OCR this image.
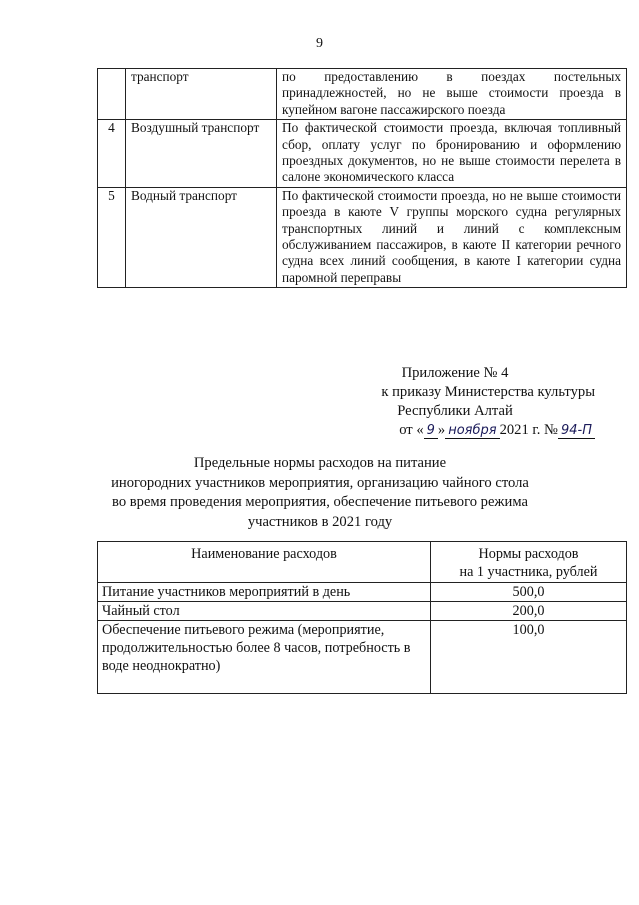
9
	транспорт	по предоставлению в поездах постельных принадлежностей, но не выше стоимости проезда в купейном вагоне пассажирского поезда
4	Воздушный транспорт	По фактической стоимости проезда, включая топливный сбор, оплату услуг по бронированию и оформлению проездных документов, но не выше стоимости перелета в салоне экономического класса
5	Водный транспорт	По фактической стоимости проезда, но не выше стоимости проезда в каюте V группы морского судна регулярных транспортных линий и линий с комплексным обслуживанием пассажиров, в каюте II категории речного судна всех линий сообщения, в каюте I категории судна паромной переправы
Приложение № 4
к приказу Министерства культуры
Республики Алтай
от « 9 » ноября 2021 г. № 94-П
Предельные нормы расходов на питание
иногородних участников мероприятия, организацию чайного стола
во время проведения мероприятия, обеспечение питьевого режима
участников в 2021 году
Наименование расходов	Нормы расходов
на 1 участника, рублей

Питание участников мероприятий в день	500,0
Чайный стол	200,0
Обеспечение питьевого режима (мероприятие, продолжительностью более 8 часов, потребность в воде неоднократно)	100,0
